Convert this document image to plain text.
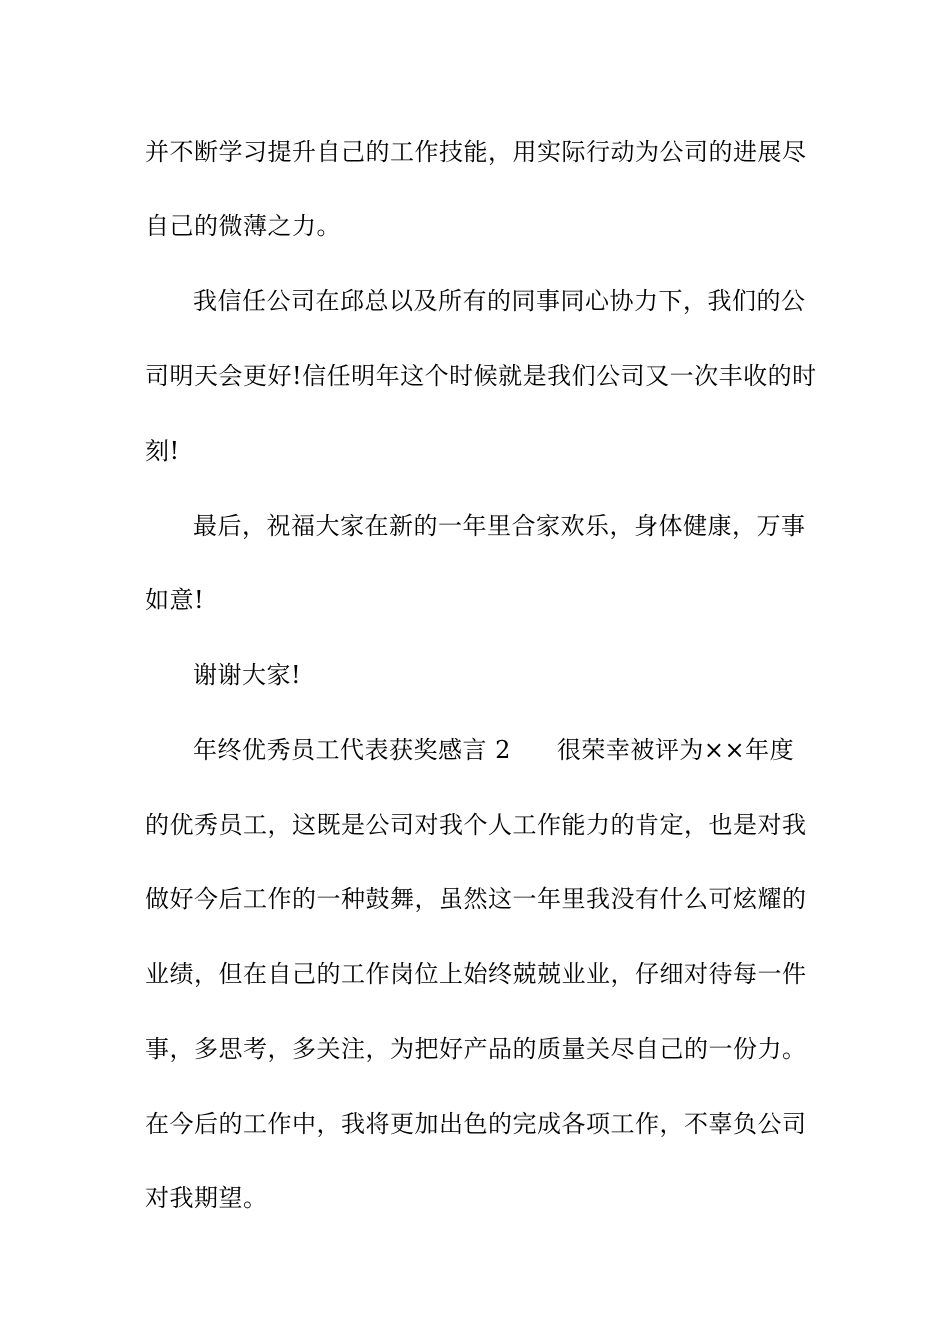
并不断学习提升自己的工作技能，用实际行动为公司的进展尽
自己的微薄之力。
我信任公司在邱总以及所有的同事同心协力下，我们的公
司明天会更好!信任明年这个时候就是我们公司又一次丰收的时
刻!
最后，祝福大家在新的一年里合家欢乐，身体健康，万事
如意!
谢谢大家!
年终优秀员工代表获奖感言 2 很荣幸被评为××年度
的优秀员工，这既是公司对我个人工作能力的肯定，也是对我
做好今后工作的一种鼓舞，虽然这一年里我没有什么可炫耀的
业绩，但在自己的工作岗位上始终兢兢业业，仔细对待每一件
事，多思考，多关注，为把好产品的质量关尽自己的一份力。
在今后的工作中，我将更加出色的完成各项工作，不辜负公司
对我期望。
